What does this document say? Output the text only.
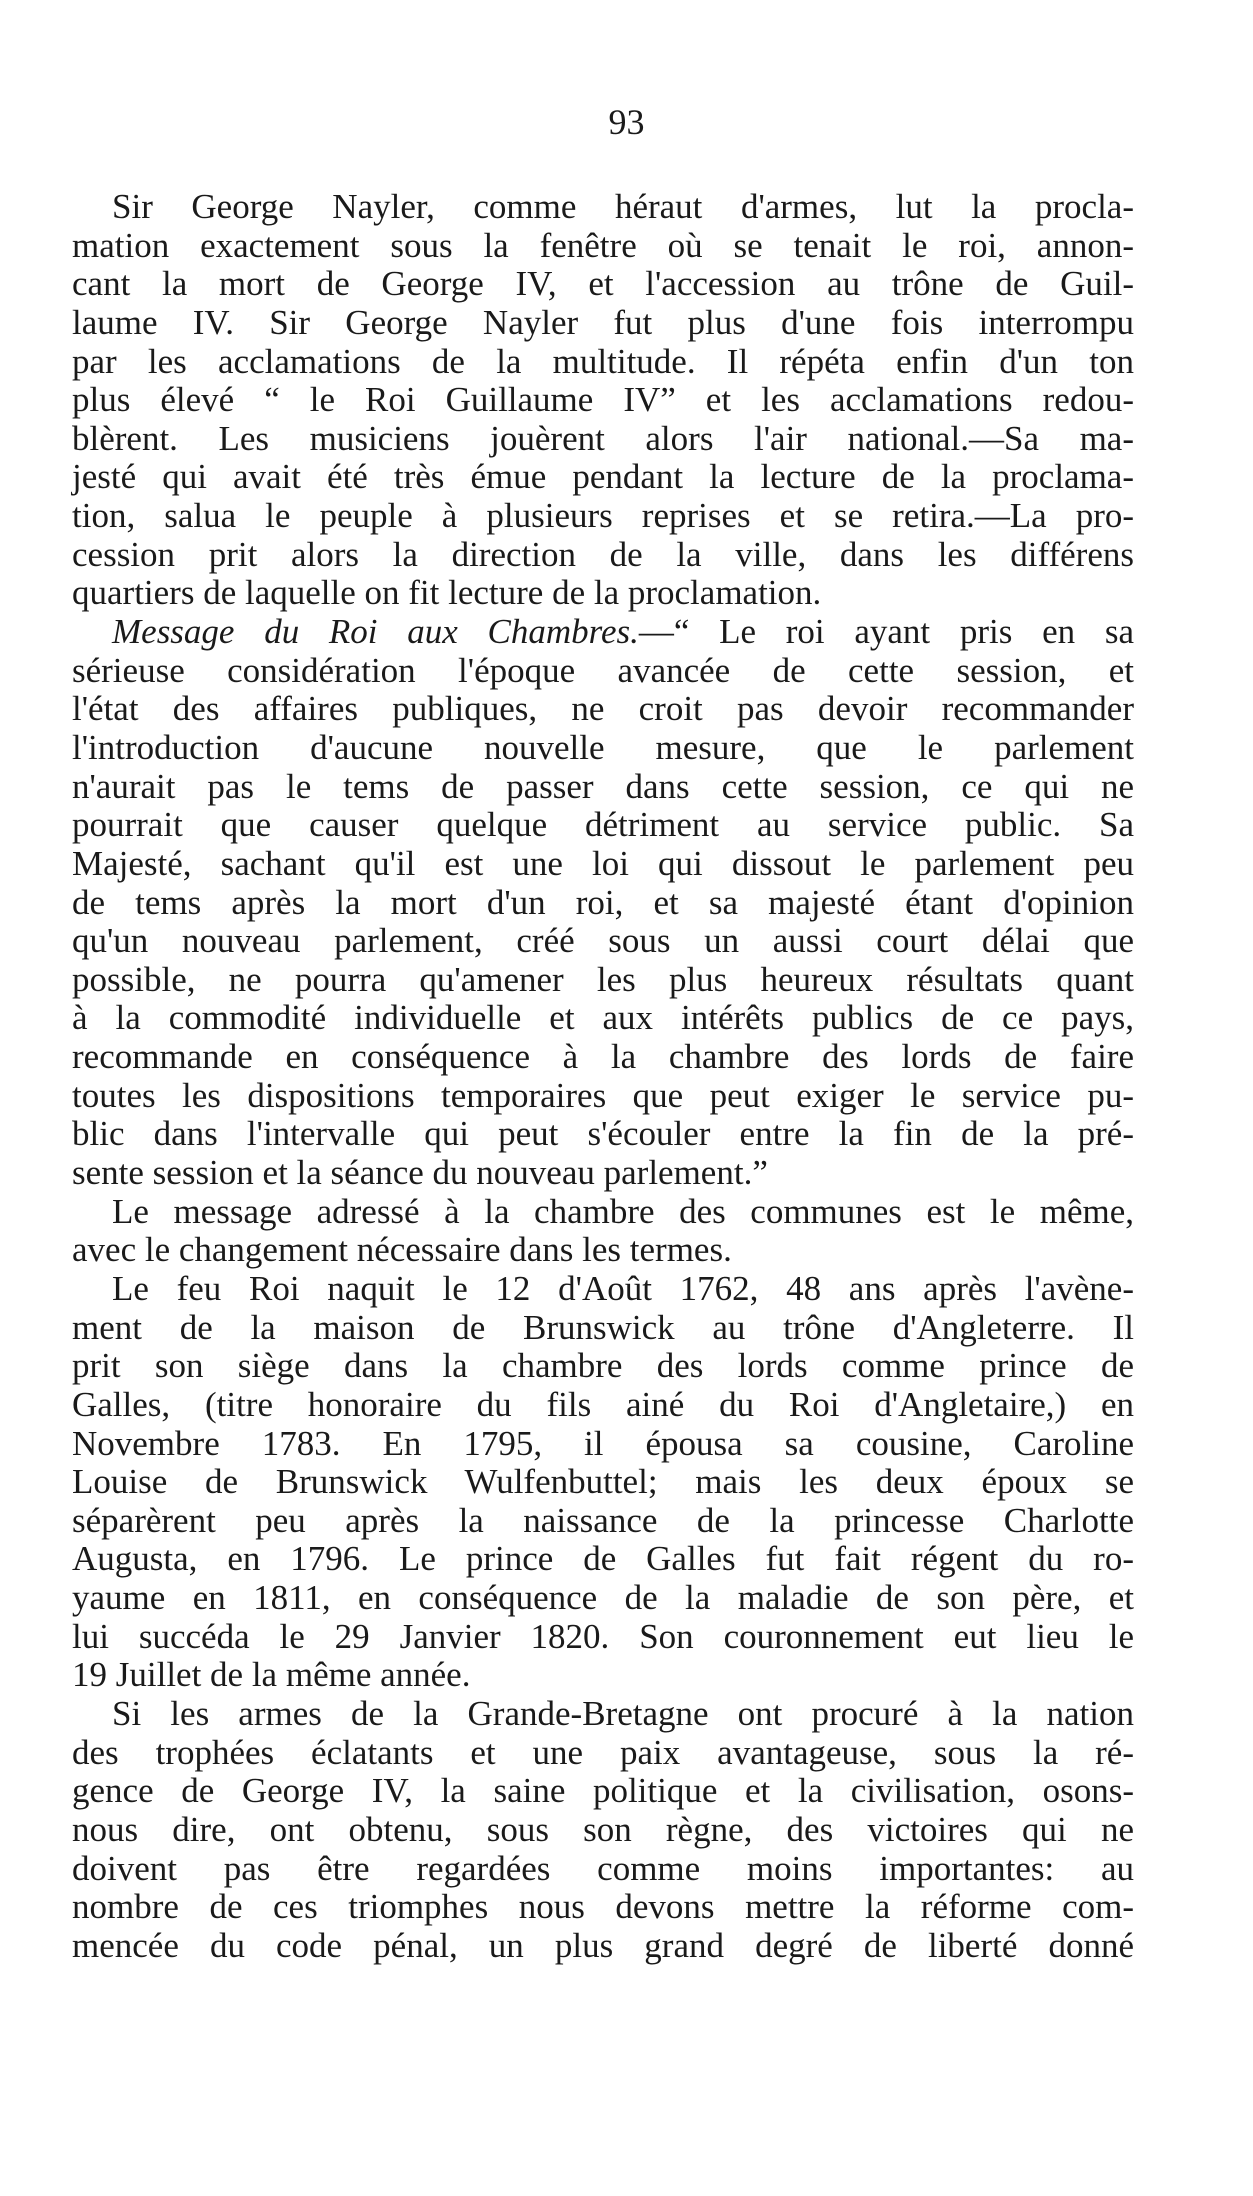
93
Sir George Nayler, comme héraut d'armes, lut la procla-
mation exactement sous la fenêtre où se tenait le roi, annon-
cant la mort de George IV, et l'accession au trône de Guil-
laume IV. Sir George Nayler fut plus d'une fois interrompu
par les acclamations de la multitude. Il répéta enfin d'un ton
plus élevé “ le Roi Guillaume IV” et les acclamations redou-
blèrent. Les musiciens jouèrent alors l'air national.—Sa ma-
jesté qui avait été très émue pendant la lecture de la proclama-
tion, salua le peuple à plusieurs reprises et se retira.—La pro-
cession prit alors la direction de la ville, dans les différens
quartiers de laquelle on fit lecture de la proclamation.
Message du Roi aux Chambres.—“ Le roi ayant pris en sa
sérieuse considération l'époque avancée de cette session, et
l'état des affaires publiques, ne croit pas devoir recommander
l'introduction d'aucune nouvelle mesure, que le parlement
n'aurait pas le tems de passer dans cette session, ce qui ne
pourrait que causer quelque détriment au service public. Sa
Majesté, sachant qu'il est une loi qui dissout le parlement peu
de tems après la mort d'un roi, et sa majesté étant d'opinion
qu'un nouveau parlement, créé sous un aussi court délai que
possible, ne pourra qu'amener les plus heureux résultats quant
à la commodité individuelle et aux intérêts publics de ce pays,
recommande en conséquence à la chambre des lords de faire
toutes les dispositions temporaires que peut exiger le service pu-
blic dans l'intervalle qui peut s'écouler entre la fin de la pré-
sente session et la séance du nouveau parlement.”
Le message adressé à la chambre des communes est le même,
avec le changement nécessaire dans les termes.
Le feu Roi naquit le 12 d'Août 1762, 48 ans après l'avène-
ment de la maison de Brunswick au trône d'Angleterre. Il
prit son siège dans la chambre des lords comme prince de
Galles, (titre honoraire du fils ainé du Roi d'Angletaire,) en
Novembre 1783. En 1795, il épousa sa cousine, Caroline
Louise de Brunswick Wulfenbuttel; mais les deux époux se
séparèrent peu après la naissance de la princesse Charlotte
Augusta, en 1796. Le prince de Galles fut fait régent du ro-
yaume en 1811, en conséquence de la maladie de son père, et
lui succéda le 29 Janvier 1820. Son couronnement eut lieu le
19 Juillet de la même année.
Si les armes de la Grande-Bretagne ont procuré à la nation
des trophées éclatants et une paix avantageuse, sous la ré-
gence de George IV, la saine politique et la civilisation, osons-
nous dire, ont obtenu, sous son règne, des victoires qui ne
doivent pas être regardées comme moins importantes: au
nombre de ces triomphes nous devons mettre la réforme com-
mencée du code pénal, un plus grand degré de liberté donné
